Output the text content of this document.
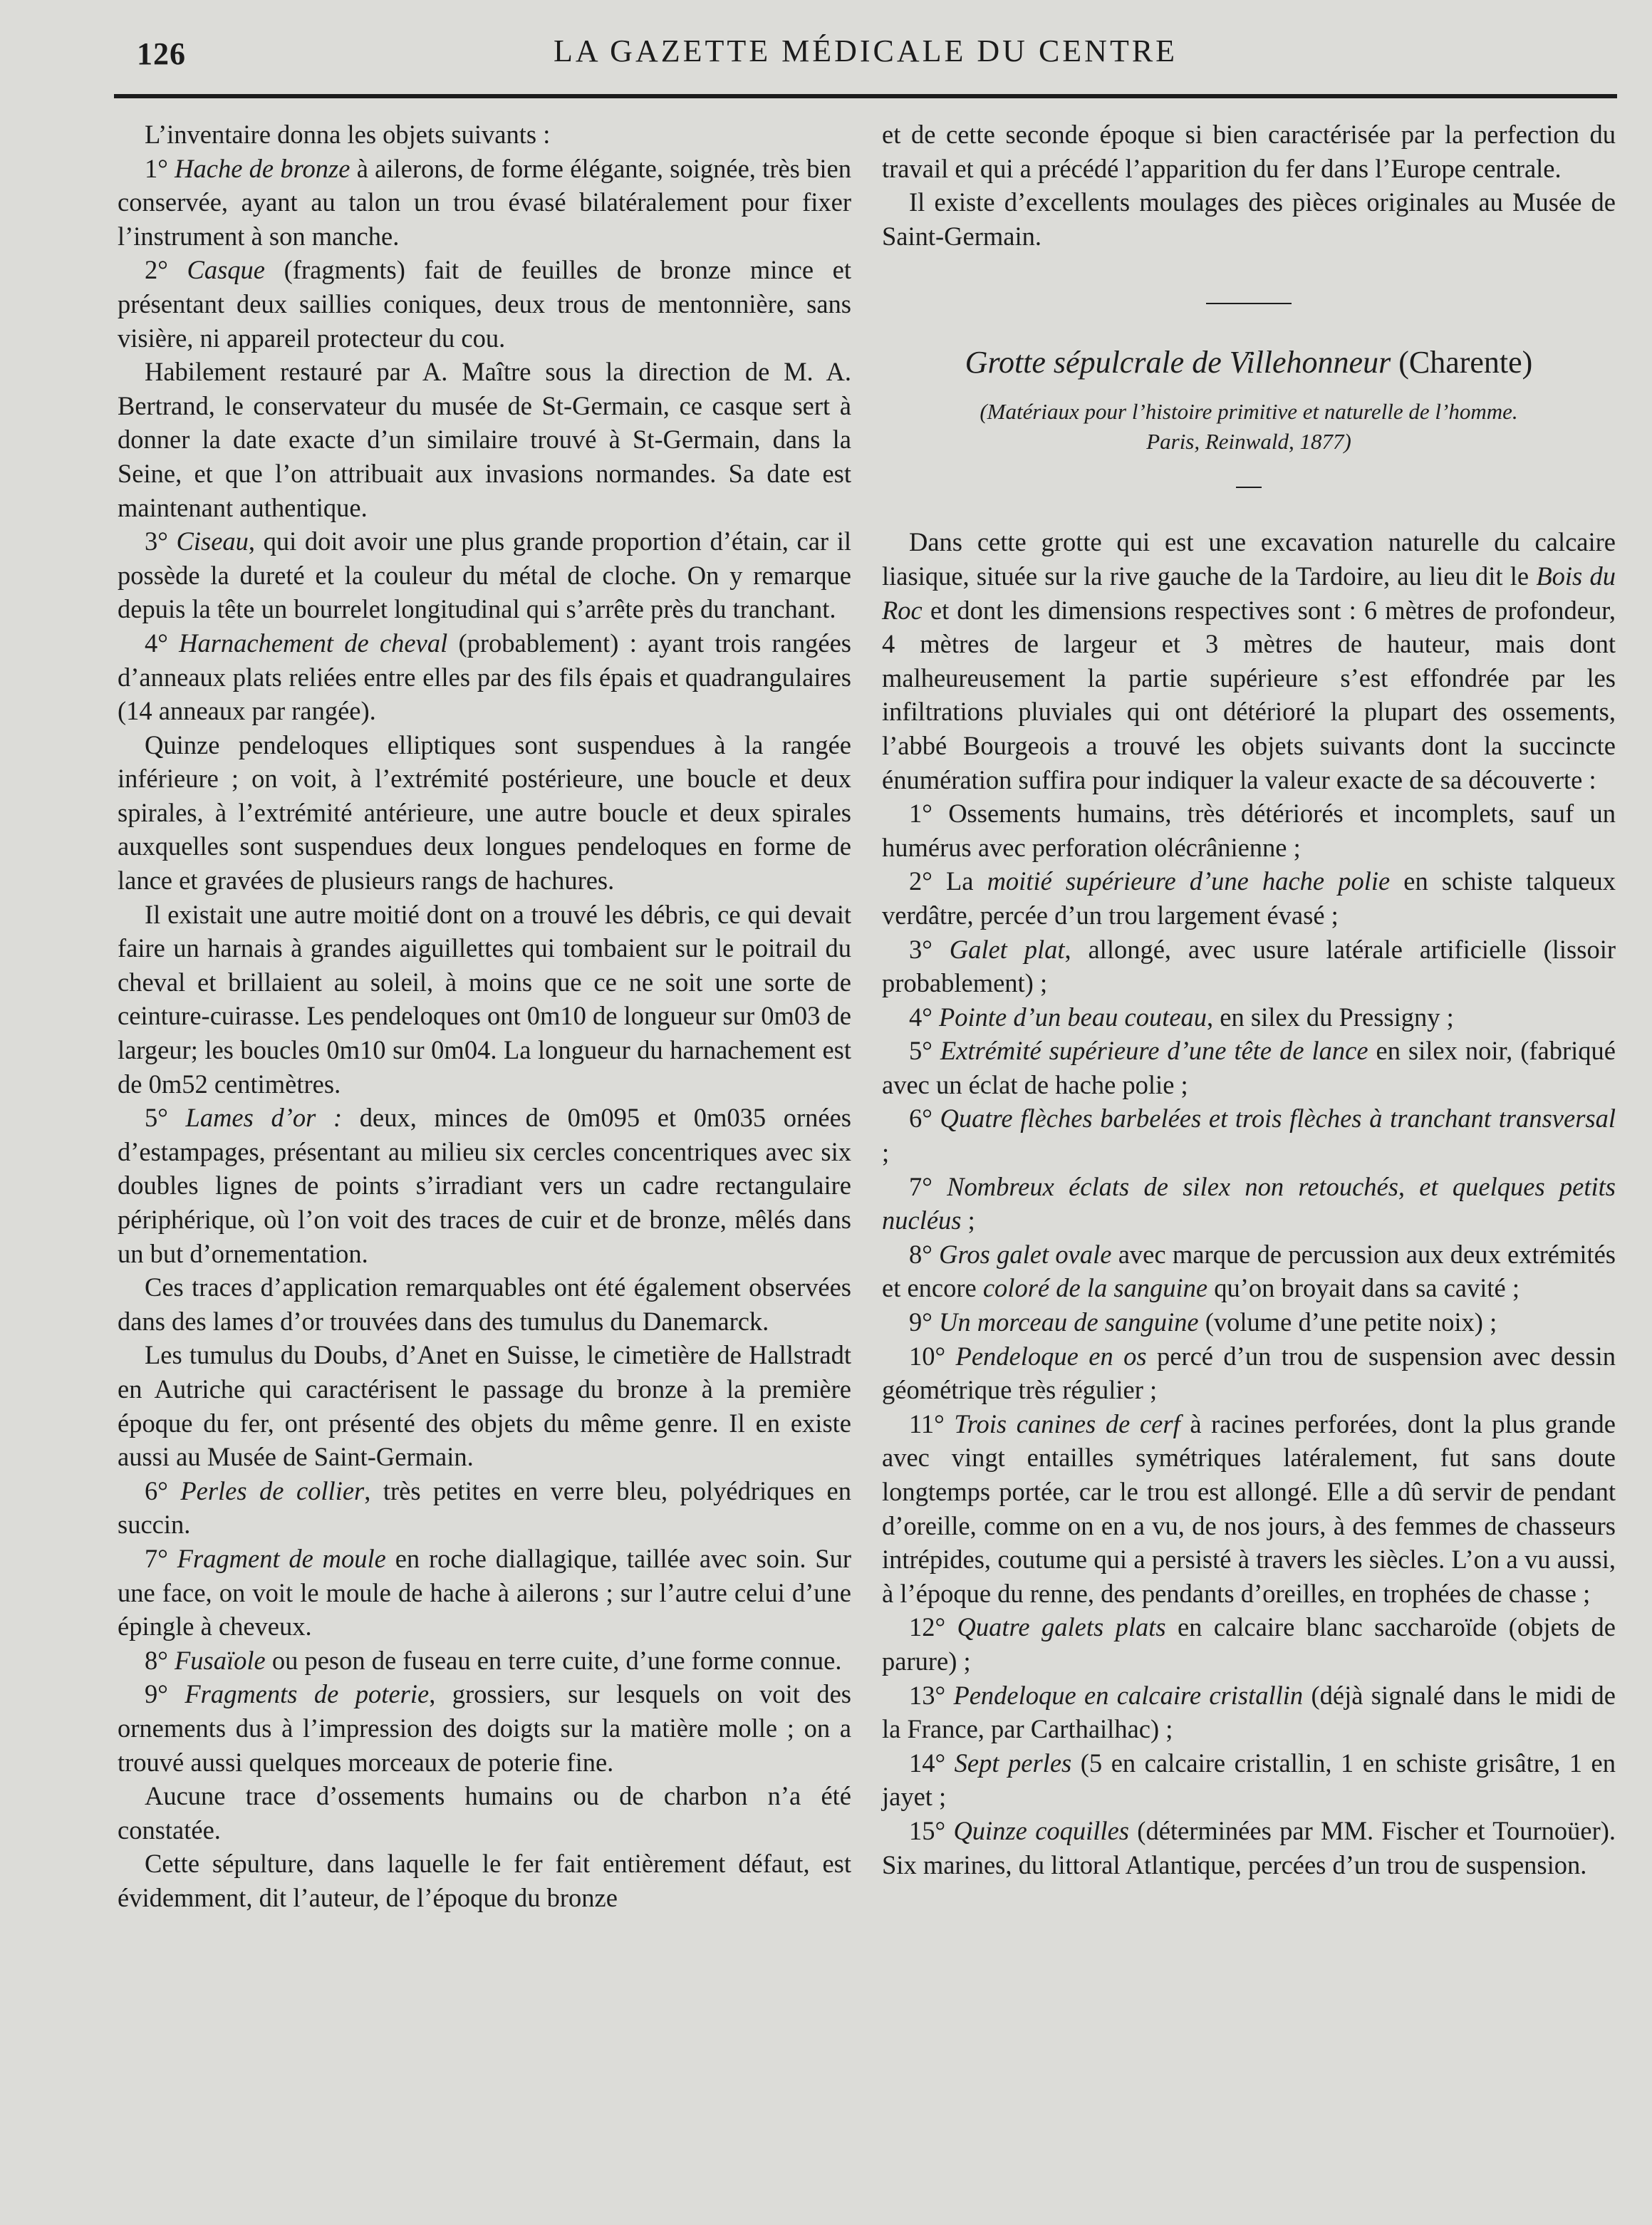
126	LA GAZETTE MÉDICALE DU CENTRE

L’inventaire donna les objets suivants :

1° Hache de bronze à ailerons, de forme élégante, soignée, très bien conservée, ayant au talon un trou évasé bilatéralement pour fixer l’instrument à son manche.

2° Casque (fragments) fait de feuilles de bronze mince et présentant deux saillies coniques, deux trous de mentonnière, sans visière, ni appareil protecteur du cou.

Habilement restauré par A. Maître sous la direction de M. A. Bertrand, le conservateur du musée de St-Germain, ce casque sert à donner la date exacte d’un similaire trouvé à St-Germain, dans la Seine, et que l’on attribuait aux invasions normandes. Sa date est maintenant authentique.

3° Ciseau, qui doit avoir une plus grande proportion d’étain, car il possède la dureté et la couleur du métal de cloche. On y remarque depuis la tête un bourrelet longitudinal qui s’arrête près du tranchant.

4° Harnachement de cheval (probablement) : ayant trois rangées d’anneaux plats reliées entre elles par des fils épais et quadrangulaires (14 anneaux par rangée).

Quinze pendeloques elliptiques sont suspendues à la rangée inférieure ; on voit, à l’extrémité postérieure, une boucle et deux spirales, à l’extrémité antérieure, une autre boucle et deux spirales auxquelles sont suspendues deux longues pendeloques en forme de lance et gravées de plusieurs rangs de hachures.

Il existait une autre moitié dont on a trouvé les débris, ce qui devait faire un harnais à grandes aiguillettes qui tombaient sur le poitrail du cheval et brillaient au soleil, à moins que ce ne soit une sorte de ceinture-cuirasse. Les pendeloques ont 0m10 de longueur sur 0m03 de largeur; les boucles 0m10 sur 0m04. La longueur du harnachement est de 0m52 centimètres.

5° Lames d’or : deux, minces de 0m095 et 0m035 ornées d’estampages, présentant au milieu six cercles concentriques avec six doubles lignes de points s’irradiant vers un cadre rectangulaire périphérique, où l’on voit des traces de cuir et de bronze, mêlés dans un but d’ornementation.

Ces traces d’application remarquables ont été également observées dans des lames d’or trouvées dans des tumulus du Danemarck.

Les tumulus du Doubs, d’Anet en Suisse, le cimetière de Hallstradt en Autriche qui caractérisent le passage du bronze à la première époque du fer, ont présenté des objets du même genre. Il en existe aussi au Musée de Saint-Germain.

6° Perles de collier, très petites en verre bleu, polyédriques en succin.

7° Fragment de moule en roche diallagique, taillée avec soin. Sur une face, on voit le moule de hache à ailerons ; sur l’autre celui d’une épingle à cheveux.

8° Fusaïole ou peson de fuseau en terre cuite, d’une forme connue.

9° Fragments de poterie, grossiers, sur lesquels on voit des ornements dus à l’impression des doigts sur la matière molle ; on a trouvé aussi quelques morceaux de poterie fine.

Aucune trace d’ossements humains ou de charbon n’a été constatée.

Cette sépulture, dans laquelle le fer fait entièrement défaut, est évidemment, dit l’auteur, de l’époque du bronze

et de cette seconde époque si bien caractérisée par la perfection du travail et qui a précédé l’apparition du fer dans l’Europe centrale.

Il existe d’excellents moulages des pièces originales au Musée de Saint-Germain.

Grotte sépulcrale de Villehonneur (Charente)

(Matériaux pour l’histoire primitive et naturelle de l’homme.

Paris, Reinwald, 1877)

Dans cette grotte qui est une excavation naturelle du calcaire liasique, située sur la rive gauche de la Tardoire, au lieu dit le Bois du Roc et dont les dimensions respectives sont : 6 mètres de profondeur, 4 mètres de largeur et 3 mètres de hauteur, mais dont malheureusement la partie supérieure s’est effondrée par les infiltrations pluviales qui ont détérioré la plupart des ossements, l’abbé Bourgeois a trouvé les objets suivants dont la succincte énumération suffira pour indiquer la valeur exacte de sa découverte :

1° Ossements humains, très détériorés et incomplets, sauf un humérus avec perforation olécrânienne ;

2° La moitié supérieure d’une hache polie en schiste talqueux verdâtre, percée d’un trou largement évasé ;

3° Galet plat, allongé, avec usure latérale artificielle (lissoir probablement) ;

4° Pointe d’un beau couteau, en silex du Pressigny ;

5° Extrémité supérieure d’une tête de lance en silex noir, (fabriqué avec un éclat de hache polie ;

6° Quatre flèches barbelées et trois flèches à tranchant transversal ;

7° Nombreux éclats de silex non retouchés, et quelques petits nucléus ;

8° Gros galet ovale avec marque de percussion aux deux extrémités et encore coloré de la sanguine qu’on broyait dans sa cavité ;

9° Un morceau de sanguine (volume d’une petite noix) ;

10° Pendeloque en os percé d’un trou de suspension avec dessin géométrique très régulier ;

11° Trois canines de cerf à racines perforées, dont la plus grande avec vingt entailles symétriques latéralement, fut sans doute longtemps portée, car le trou est allongé. Elle a dû servir de pendant d’oreille, comme on en a vu, de nos jours, à des femmes de chasseurs intrépides, coutume qui a persisté à travers les siècles. L’on a vu aussi, à l’époque du renne, des pendants d’oreilles, en trophées de chasse ;

12° Quatre galets plats en calcaire blanc saccharoïde (objets de parure) ;

13° Pendeloque en calcaire cristallin (déjà signalé dans le midi de la France, par Carthailhac) ;

14° Sept perles (5 en calcaire cristallin, 1 en schiste grisâtre, 1 en jayet ;

15° Quinze coquilles (déterminées par MM. Fischer et Tournoüer). Six marines, du littoral Atlantique, percées d’un trou de suspension.
